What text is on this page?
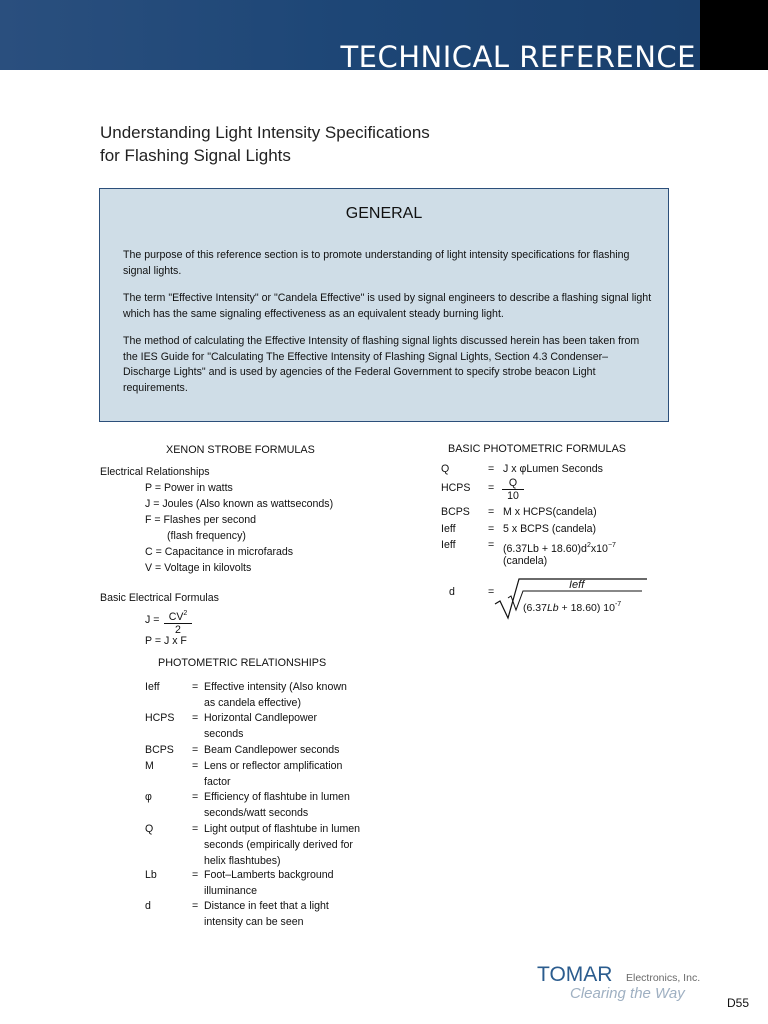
TECHNICAL REFERENCE
Understanding Light Intensity Specifications
for Flashing Signal Lights
GENERAL

The purpose of this reference section is to promote understanding of light intensity specifications for flashing signal lights.

The term "Effective Intensity" or "Candela Effective" is used by signal engineers to describe a flashing signal light which has the same signaling effectiveness as an equivalent steady burning light.

The method of calculating the Effective Intensity of flashing signal lights discussed herein has been taken from the IES Guide for "Calculating The Effective Intensity of Flashing Signal Lights, Section 4.3 Condenser–Discharge Lights" and is used by agencies of the Federal Government to specify strobe beacon Light requirements.

XENON STROBE FORMULAS
Electrical Relationships
P = Power in watts
J = Joules (Also known as wattseconds)
F = Flashes per second
(flash frequency)
C = Capacitance in microfarads
V = Voltage in kilovolts
Basic Electrical Formulas
$J = \frac{CV^2}{2}$
P = J x F
PHOTOMETRIC RELATIONSHIPS
Ieff	= Effective intensity (Also known
as candela effective)
HCPS = Horizontal Candlepower
seconds
BCPS = Beam Candlepower seconds
M	= Lens or reflector amplification
factor
φ	= Efficiency of flashtube in lumen
seconds/watt seconds
Q	= Light output of flashtube in lumen
seconds (empirically derived for
helix flashtubes)
Lb	= Foot–Lamberts background
illuminance
d	= Distance in feet that a light
intensity can be seen
BASIC PHOTOMETRIC FORMULAS
Q	= J x φLumen Seconds
HCPS = $\frac{Q}{10}$
BCPS = M x HCPS(candela)
Ieff	= 5 x BCPS (candela)
Ieff	= $(6.37Lb + 18.60)d^2x10^{-7}$
(candela)
d	=
Ieff
(6.37Lb + 18.60) $10^{-7}$
TOMAR Electronics, Inc.
Clearing the Way
D55
